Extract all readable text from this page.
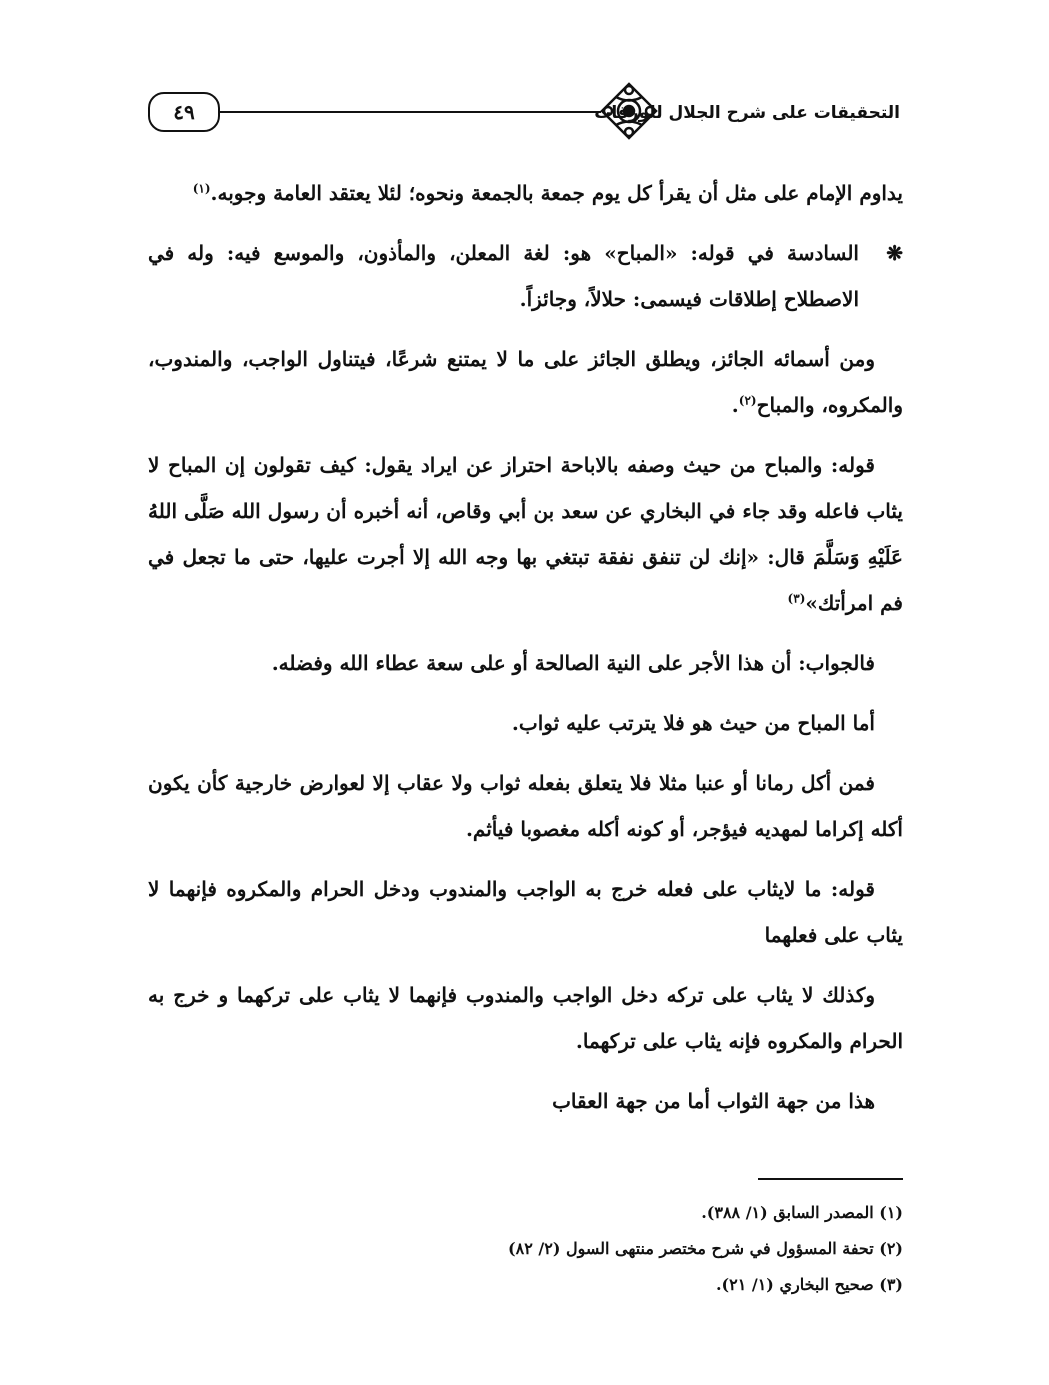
٤٩	التحقيقات على شرح الجلال للورقات

يداوم الإمام على مثل أن يقرأ كل يوم جمعة بالجمعة ونحوه؛ لئلا يعتقد العامة وجوبه.$^{(١)}$

❋
السادسة في قوله: «المباح» هو: لغة المعلن، والمأذون، والموسع فيه: وله في الاصطلاح إطلاقات فيسمى: حلالاً، وجائزاً.

ومن أسمائه الجائز، ويطلق الجائز على ما لا يمتنع شرعًا، فيتناول الواجب، والمندوب، والمكروه، والمباح$^{(٢)}$.

قوله: والمباح من حيث وصفه بالاباحة احتراز عن ايراد يقول: كيف تقولون إن المباح لا يثاب فاعله وقد جاء في البخاري عن سعد بن أبي وقاص، أنه أخبره أن رسول الله صَلَّى اللهُ عَلَيْهِ وَسَلَّمَ قال: «إنك لن تنفق نفقة تبتغي بها وجه الله إلا أجرت عليها، حتى ما تجعل في فم امرأتك»$^{(٣)}$

فالجواب: أن هذا الأجر على النية الصالحة أو على سعة عطاء الله وفضله.

أما المباح من حيث هو فلا يترتب عليه ثواب.

فمن أكل رمانا أو عنبا مثلا فلا يتعلق بفعله ثواب ولا عقاب إلا لعوارض خارجية كأن يكون أكله إكراما لمهديه فيؤجر، أو كونه أكله مغصوبا فيأثم.

قوله: ما لايثاب على فعله خرج به الواجب والمندوب ودخل الحرام والمكروه فإنهما لا يثاب على فعلهما

وكذلك لا يثاب على تركه دخل الواجب والمندوب فإنهما لا يثاب على تركهما و خرج به الحرام والمكروه فإنه يثاب على تركهما.

هذا من جهة الثواب أما من جهة العقاب

(١) المصدر السابق (١/ ٣٨٨).
(٢) تحفة المسؤول في شرح مختصر منتهى السول (٢/ ٨٢)
(٣) صحيح البخاري (١/ ٢١).
